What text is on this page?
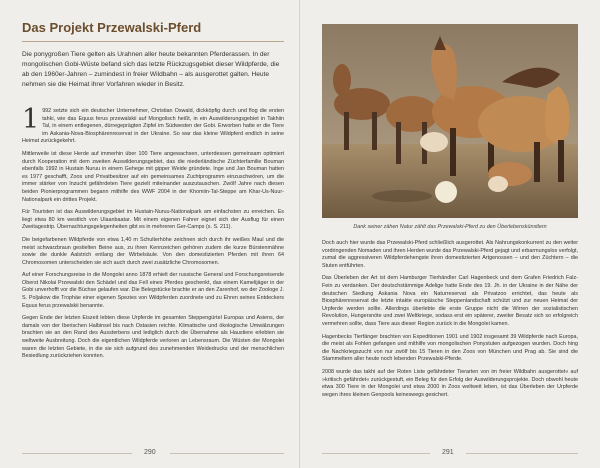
Das Projekt Przewalski-Pferd
Die ponygroßen Tiere gelten als Urahnen aller heute bekannten Pferderassen. In der mongolischen Gobi-Wüste befand sich das letzte Rückzugsgebiet dieser Wildpferde, die ab den 1960er-Jahren – zumindest in freier Wildbahn – als ausgerottet galten. Heute nehmen sie die Heimat ihrer Vorfahren wieder in Besitz.

1 992 setzte sich ein deutscher Unternehmer, Christian Oswald, dickköpfig durch und flog die ersten tahki, wie das Equus ferus przewalskii auf Mongolisch heißt, in ein Auswilderungsgebiet in Takhiin Tal, in einem entlegenen, dürregeprägten Zipfel im Südwesten der Gobi. Erworben hatte er die Tiere im Askania-Nova-Biosphärenreservat in der Ukraine. So war das kleine Wildpferd endlich in seine Heimat zurückgekehrt.

Mittlerweile ist diese Herde auf immerhin über 100 Tiere angewachsen, unterdessen gemeinsam optimiert durch Kooperation mit dem zweiten Auswilderungsgebiet, das die niederländische Züchterfamilie Bouman ebenfalls 1992 in Hustain Nuruu in einem Gehege mit gipper Weide gründete. Inge und Jan Bouman hatten es 1977 geschafft, Zoos und Privatbesitzer auf ein gemeinsames Zuchtprogramm einzuschwören, um die immer stärker von Inzucht gefährdeten Tiere gezielt miteinander auszutauschen. Zwölf Jahre nach diesen beiden Pionierprogrammen begann mithilfe des WWF 2004 in der Khomiin-Tal-Steppe am Khar-Us-Nuur-Nationalpark ein drittes Projekt.

Für Touristen ist das Auswilderungsgebiet im Hustain-Nuruu-Nationalpark am einfachsten zu erreichen. Es liegt etwa 80 km westlich von Ulaanbaatar. Mit einem eigenen Fahrer eignet sich der Ausflug für einen Zweitagestrip. Übernachtungsgelegenheiten gibt es in mehreren Ger-Camps (s. S. 211).

Die beigefarbenen Wildpferde von etwa 1,40 m Schulterhöhe zeichnen sich durch ihr weißes Maul und die meist schwarzbraun gestielten Beine aus, zu ihren Kennzeichen gehören zudem die kurze Bürstenmähne sowie die dunkle Aalstrich entlang der Wirbelsäule. Von den domestizierten Pferden mit ihren 64 Chromosomen unterscheiden sie sich auch durch zwei zusätzliche Chromosomen.

Auf einer Forschungsreise in die Mongolei anno 1878 erhielt der russische General und Forschungsreisende Oberst Nikolai Przewalski den Schädel und das Fell eines Pferdes geschenkt, das einem Kamelijäger in der Gobi unverhofft vor die Büchse gelaufen war. Die Belegstücke brachte er an den Zarenhof, wo der Zoologe J. S. Poljakow die Trophäe einer eigenen Spezies von Wildpferden zuordnete und zu Ehren seines Entdeckers Equus ferus przewalskii benannte.

Gegen Ende der letzten Eiszeit lebten diese Urpferde im gesamten Steppengürtel Europas und Asiens, der damals von der Iberischen Halbinsel bis nach Ostasien reichte. Klimatische und ökologische Umwälzungen brachten sie an den Rand des Aussterbens und lediglich durch die Übernahme als Haustiere erlebten sie weltweite Ausbreitung. Doch die eigentlichen Wildpferde verloren an Lebensraum. Die Wüsten der Mongolei waren die letzten Gebiete, in die sie sich aufgrund des zunehmenden Weidedrucks und der menschlichen Besiedlung zurückziehen konnten.

290
Dank seiner zähen Natur zählt das Przewalski-Pferd zu den Überlebenskünstlern

Doch auch hier wurde das Przewalski-Pferd schließlich ausgerottet. Als Nahrungskonkurrent zu den weiter vordringenden Nomaden und ihren Herden wurde das Przewalski-Pferd gejagt und erbarmungslos verfolgt, zumal die aggressiveren Wildpferdehengste ihren domestizierten Artgenossen – und den Züchtern – die Stuten entführten.

Das Überleben der Art ist dem Hamburger Tierhändler Carl Hagenbeck und dem Grafen Friedrich Falz-Fein zu verdanken. Der deutschstämmige Adelige hatte Ende des 19. Jh. in der Ukraine in der Nähe der deutschen Siedlung Askania Nova ein Naturreservat als Privatzoo errichtet, das heute als Biosphärenreservat die letzte intakte europäische Steppenlandschaft schützt und zur neuen Heimat der Urpferde werden sollte. Allerdings überlebte die erste Gruppe nicht die Wirren der sozialistischen Revolution, Hungersnöte und zwei Weltkriege, sodass erst ein späterer, zweiter Besatz sich so erfolgreich vermehren sollte, dass Tiere aus dieser Region zurück in die Mongolei kamen.

Hagenbecks Tierfänger brachten von Expeditionen 1901 und 1902 insgesamt 39 Wildpferde nach Europa, die meist als Fohlen gefangen und mithilfe von mongolischen Ponystuten aufgezogen wurden. Doch hing die Nachkriegszucht von nur zwölf bis 15 Tieren in den Zoos von München und Prag ab. Sie sind die Stammeltern aller heute noch lebenden Przewalski-Pferde.

2008 wurde das takhi auf der Roten Liste gefährdeter Tierarten von im freier Wildbahn ausgerottet« auf »kritisch gefährdet« zurückgestuft, ein Beleg für den Erfolg der Auswilderungsprojekte. Doch obwohl heute etwa 300 Tiere in der Mongolei und etwa 2000 in Zoos weltweit leben, ist das Überleben der Urpferde wegen ihres kleinen Genpools keineswegs gesichert.

291
